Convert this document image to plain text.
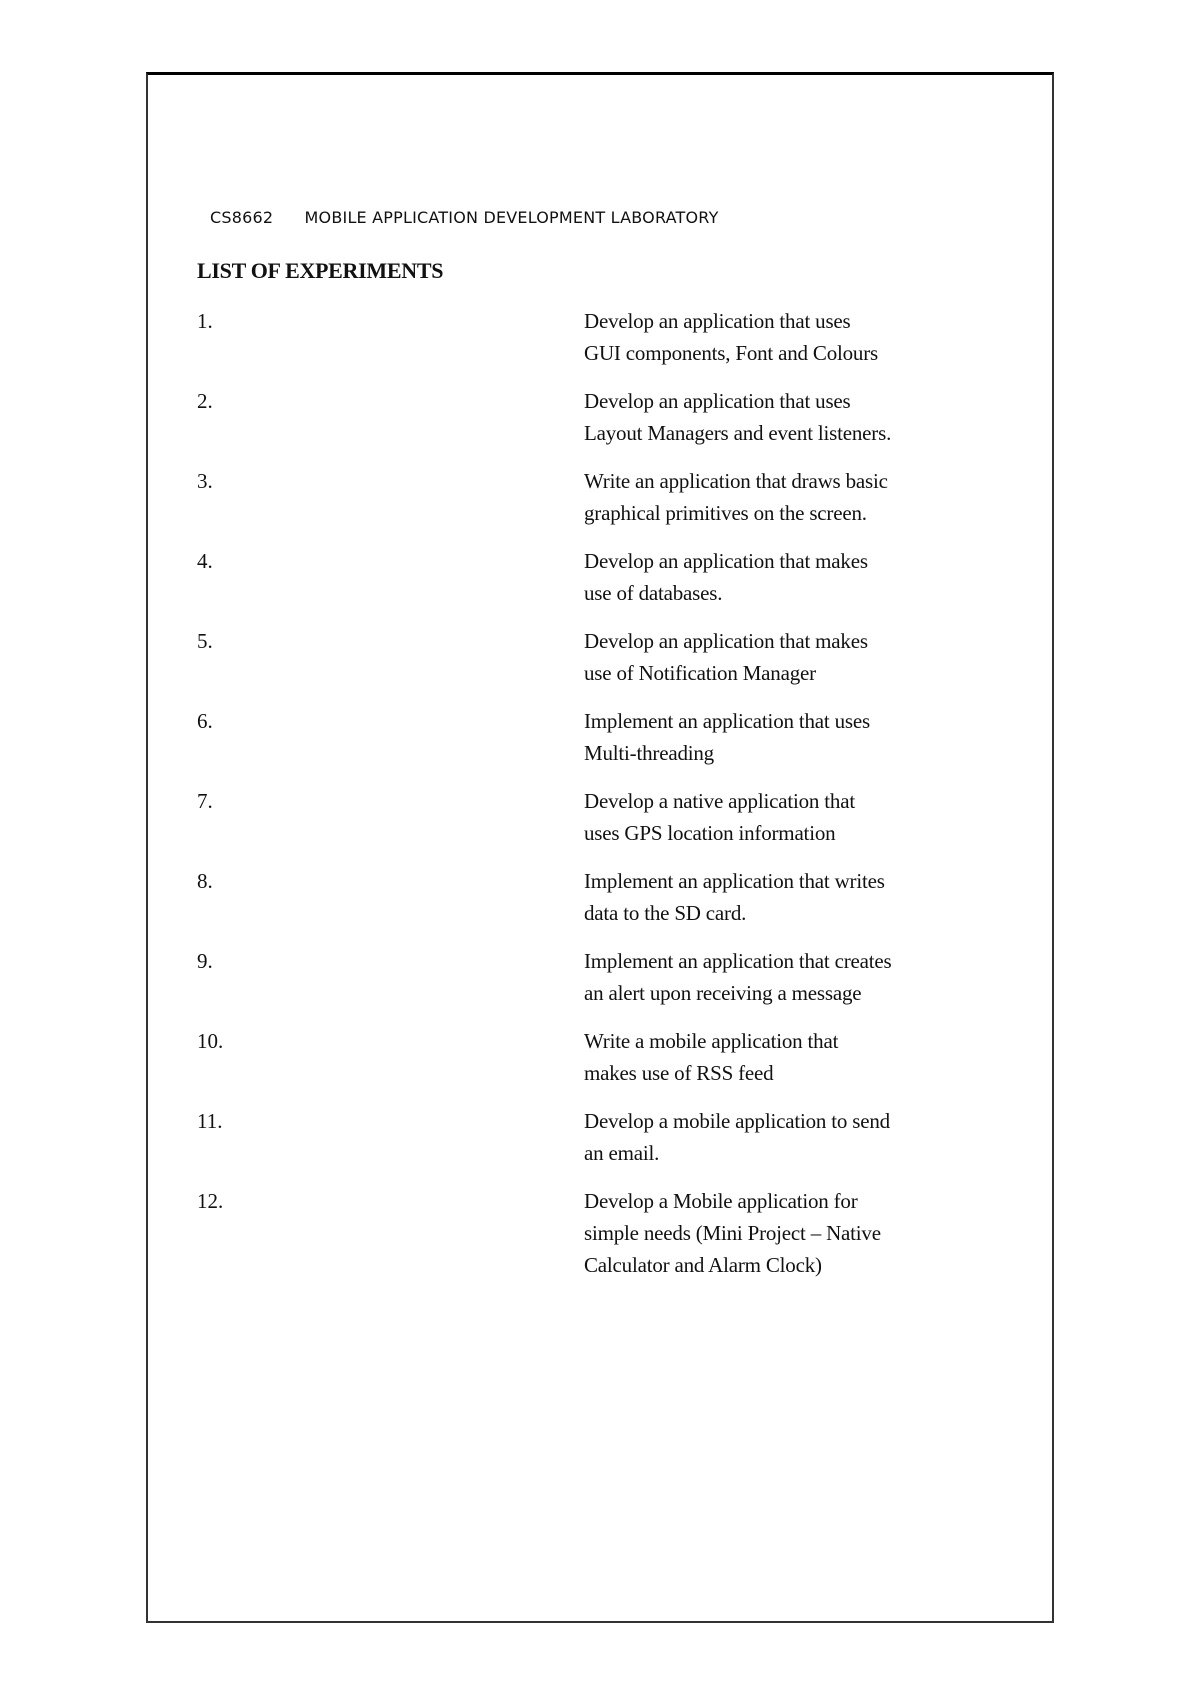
CS8662 MOBILE APPLICATION DEVELOPMENT LABORATORY
LIST OF EXPERIMENTS
1.	Develop an application that uses
GUI components, Font and Colours
2.	Develop an application that uses
Layout Managers and event listeners.
3.	Write an application that draws basic
graphical primitives on the screen.
4.	Develop an application that makes
use of databases.
5.	Develop an application that makes
use of Notification Manager
6.	Implement an application that uses
Multi-threading
7.	Develop a native application that
uses GPS location information
8.	Implement an application that writes
data to the SD card.
9.	Implement an application that creates
an alert upon receiving a message
10.	Write a mobile application that
makes use of RSS feed
11.	Develop a mobile application to send
an email.
12.	Develop a Mobile application for
simple needs (Mini Project – Native
Calculator and Alarm Clock)
